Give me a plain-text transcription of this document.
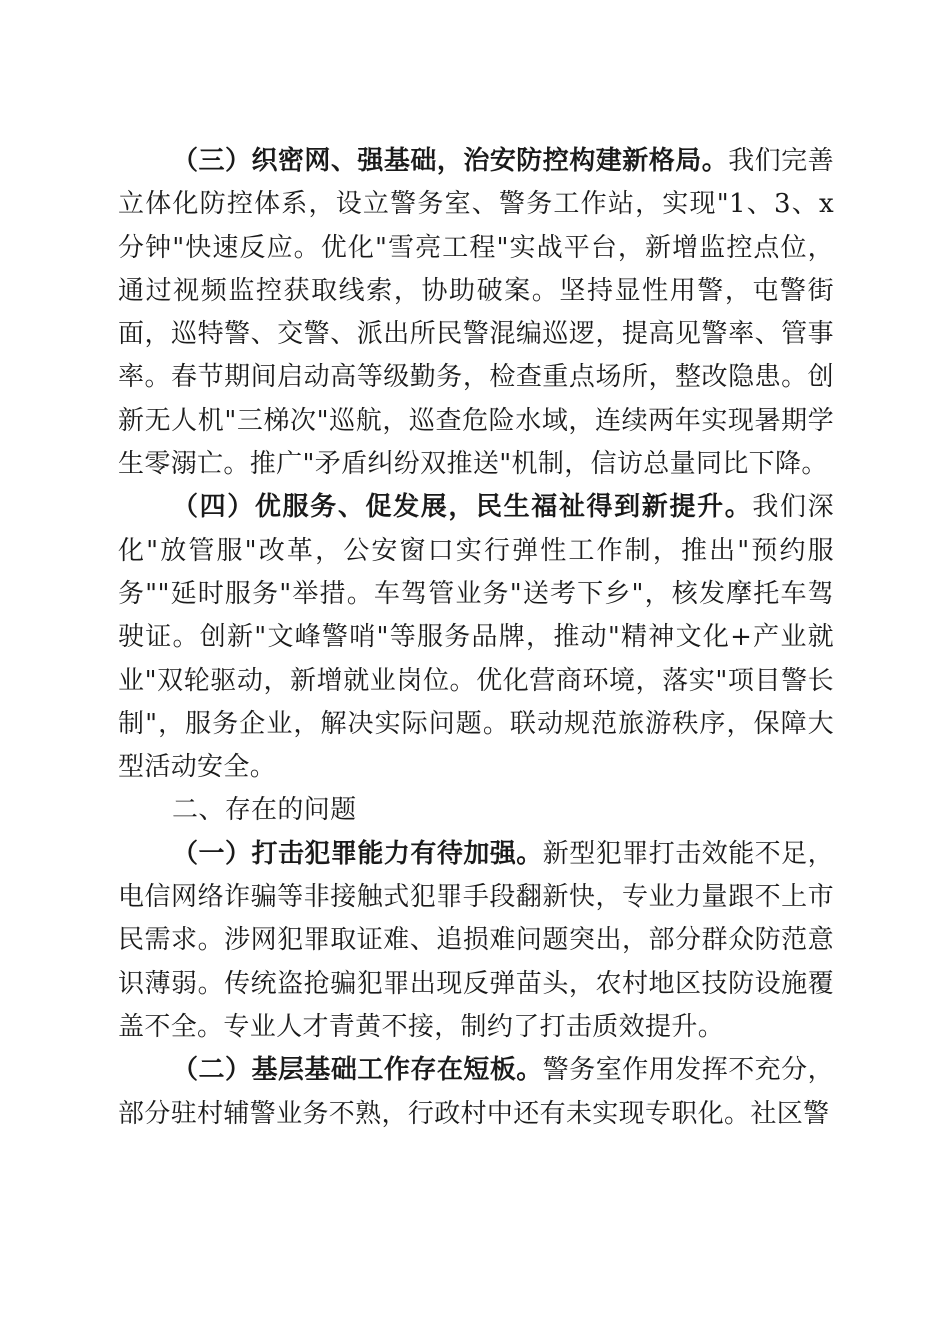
（三）织密网、强基础，治安防控构建新格局。我们完善立体化防控体系，设立警务室、警务工作站，实现"1、3、x分钟"快速反应。优化"雪亮工程"实战平台，新增监控点位，通过视频监控获取线索，协助破案。坚持显性用警，屯警街面，巡特警、交警、派出所民警混编巡逻，提高见警率、管事率。春节期间启动高等级勤务，检查重点场所，整改隐患。创新无人机"三梯次"巡航，巡查危险水域，连续两年实现暑期学生零溺亡。推广"矛盾纠纷双推送"机制，信访总量同比下降。

（四）优服务、促发展，民生福祉得到新提升。我们深化"放管服"改革，公安窗口实行弹性工作制，推出"预约服务""延时服务"举措。车驾管业务"送考下乡"，核发摩托车驾驶证。创新"文峰警哨"等服务品牌，推动"精神文化+产业就业"双轮驱动，新增就业岗位。优化营商环境，落实"项目警长制"，服务企业，解决实际问题。联动规范旅游秩序，保障大型活动安全。

二、存在的问题

（一）打击犯罪能力有待加强。新型犯罪打击效能不足，电信网络诈骗等非接触式犯罪手段翻新快，专业力量跟不上市民需求。涉网犯罪取证难、追损难问题突出，部分群众防范意识薄弱。传统盗抢骗犯罪出现反弹苗头，农村地区技防设施覆盖不全。专业人才青黄不接，制约了打击质效提升。

（二）基层基础工作存在短板。警务室作用发挥不充分，部分驻村辅警业务不熟，行政村中还有未实现专职化。社区警
